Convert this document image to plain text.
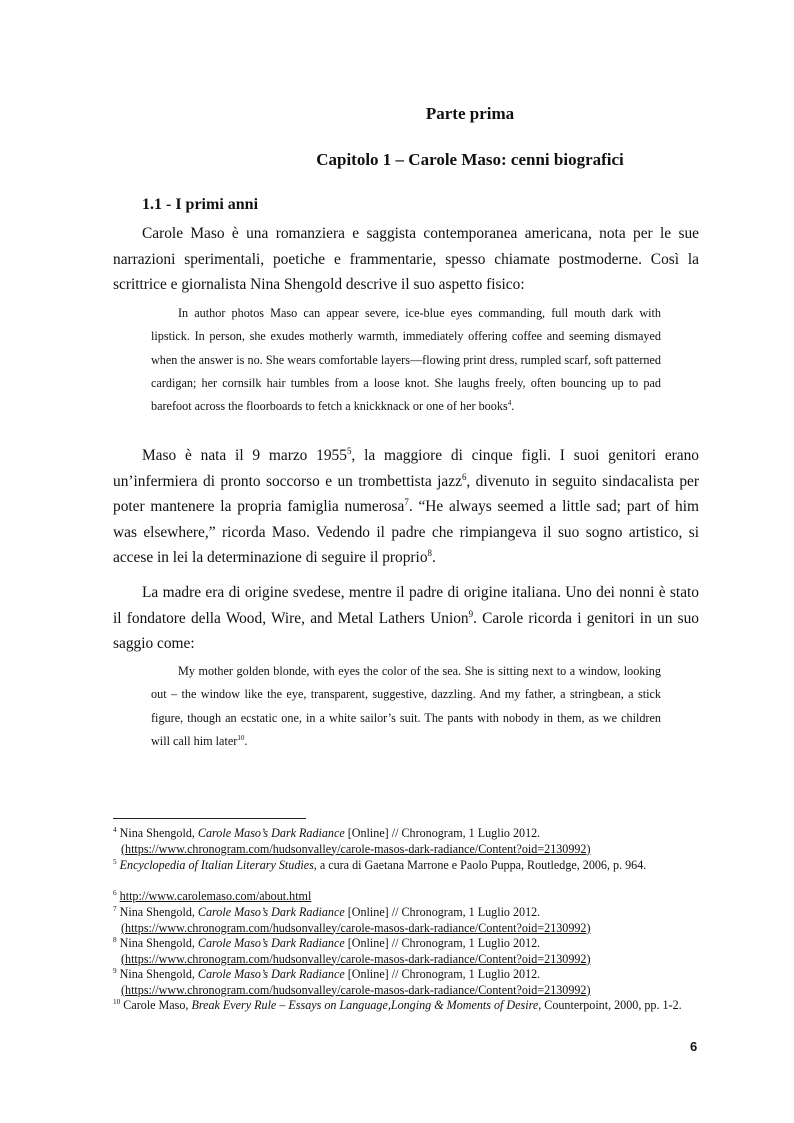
Parte prima
Capitolo 1 – Carole Maso: cenni biografici
1.1 - I primi anni

Carole Maso è una romanziera e saggista contemporanea americana, nota per le sue narrazioni sperimentali, poetiche e frammentarie, spesso chiamate postmoderne. Così la scrittrice e giornalista Nina Shengold descrive il suo aspetto fisico:

In author photos Maso can appear severe, ice-blue eyes commanding, full mouth dark with lipstick. In person, she exudes motherly warmth, immediately offering coffee and seeming dismayed when the answer is no. She wears comfortable layers—flowing print dress, rumpled scarf, soft patterned cardigan; her cornsilk hair tumbles from a loose knot. She laughs freely, often bouncing up to pad barefoot across the floorboards to fetch a knickknack or one of her books$^4$.

Maso è nata il 9 marzo 1955$^5$, la maggiore di cinque figli. I suoi genitori erano un’infermiera di pronto soccorso e un trombettista jazz$^6$, divenuto in seguito sindacalista per poter mantenere la propria famiglia numerosa$^7$. “He always seemed a little sad; part of him was elsewhere,” ricorda Maso. Vedendo il padre che rimpiangeva il suo sogno artistico, si accese in lei la determinazione di seguire il proprio$^8$.

La madre era di origine svedese, mentre il padre di origine italiana. Uno dei nonni è stato il fondatore della Wood, Wire, and Metal Lathers Union$^9$. Carole ricorda i genitori in un suo saggio come:

My mother golden blonde, with eyes the color of the sea. She is sitting next to a window, looking out – the window like the eye, transparent, suggestive, dazzling. And my father, a stringbean, a stick figure, though an ecstatic one, in a white sailor’s suit. The pants with nobody in them, as we children will call him later$^{10}$.

$^4$ Nina Shengold, Carole Maso’s Dark Radiance [Online] // Chronogram, 1 Luglio 2012.
(https://www.chronogram.com/hudsonvalley/carole-masos-dark-radiance/Content?oid=2130992)

$^5$ Encyclopedia of Italian Literary Studies, a cura di Gaetana Marrone e Paolo Puppa, Routledge, 2006, p. 964.

$^6$ http://www.carolemaso.com/about.html

$^7$ Nina Shengold, Carole Maso’s Dark Radiance [Online] // Chronogram, 1 Luglio 2012.
(https://www.chronogram.com/hudsonvalley/carole-masos-dark-radiance/Content?oid=2130992)

$^8$ Nina Shengold, Carole Maso’s Dark Radiance [Online] // Chronogram, 1 Luglio 2012.
(https://www.chronogram.com/hudsonvalley/carole-masos-dark-radiance/Content?oid=2130992)

$^9$ Nina Shengold, Carole Maso’s Dark Radiance [Online] // Chronogram, 1 Luglio 2012.
(https://www.chronogram.com/hudsonvalley/carole-masos-dark-radiance/Content?oid=2130992)

$^{10}$ Carole Maso, Break Every Rule – Essays on Language,Longing & Moments of Desire, Counterpoint, 2000, pp. 1-2.

6
